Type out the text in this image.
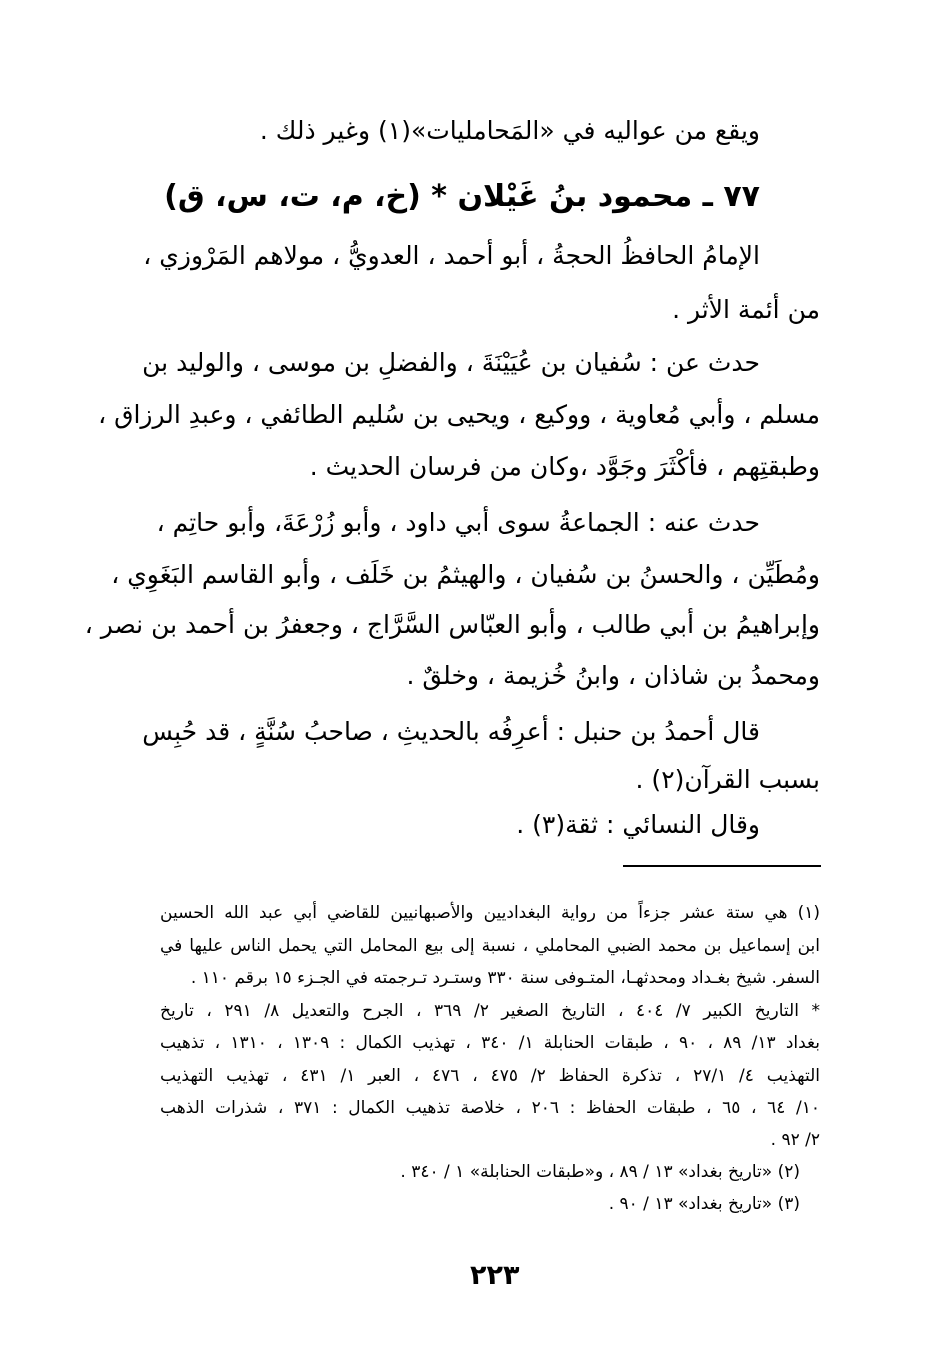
ويقع من عواليه في «المَحامليات»(١) وغير ذلك .
٧٧ ـ محمود بنُ غَيْلان * (خ، م، ت، س، ق)
الإمامُ الحافظُ الحجةُ ، أبو أحمد ، العدويُّ ، مولاهم المَرْوزي ،
من أئمة الأثر .
حدث عن : سُفيان بن عُيَيْنَةَ ، والفضلِ بن موسى ، والوليد بن
مسلم ، وأبي مُعاوية ، ووكيع ، ويحيى بن سُليم الطائفي ، وعبدِ الرزاق ،
وطبقتِهم ، فأكْثَرَ وجَوَّد ،وكان من فرسان الحديث .
حدث عنه : الجماعةُ سوى أبي داود ، وأبو زُرْعَةَ، وأبو حاتِم ،
ومُطَيِّن ، والحسنُ بن سُفيان ، والهيثمُ بن خَلَف ، وأبو القاسم البَغَوِي ،
وإبراهيمُ بن أبي طالب ، وأبو العبّاس السَّرَّاج ، وجعفرُ بن أحمد بن نصر ،
ومحمدُ بن شاذان ، وابنُ خُزيمة ، وخلقٌ .
قال أحمدُ بن حنبل : أعرِفُه بالحديثِ ، صاحبُ سُنَّةٍ ، قد حُبِس
بسبب القرآن(٢) .
وقال النسائي : ثقة(٣) .
(١) هي ستة عشر جزءاً من رواية البغداديين والأصبهانيين للقاضي أبي عبد الله الحسين
ابن إسماعيل بن محمد الضبي المحاملي ، نسبة إلى بيع المحامل التي يحمل الناس عليها في
السفر. شيخ بغـداد ومحدثهـا، المتـوفى سنة ٣٣٠ وستـرد تـرجمته في الجـزء ١٥ برقم ١١٠ .
* التاريخ الكبير ٧/ ٤٠٤ ، التاريخ الصغير ٢/ ٣٦٩ ، الجرح والتعديل ٨/ ٢٩١ ، تاريخ
بغداد ١٣/ ٨٩ ، ٩٠ ، طبقات الحنابلة ١/ ٣٤٠ ، تهذيب الكمال : ١٣٠٩ ، ١٣١٠ ، تذهيب
التهذيب ٤/ ٢٧/١ ، تذكرة الحفاظ ٢/ ٤٧٥ ، ٤٧٦ ، العبر ١/ ٤٣١ ، تهذيب التهذيب
١٠/ ٦٤ ، ٦٥ ، طبقات الحفاظ : ٢٠٦ ، خلاصة تذهيب الكمال : ٣٧١ ، شذرات الذهب
٢/ ٩٢ .
(٢) «تاريخ بغداد» ١٣ / ٨٩ ، و«طبقات الحنابلة» ١ / ٣٤٠ .
(٣) «تاريخ بغداد» ١٣ / ٩٠ .
٢٢٣
